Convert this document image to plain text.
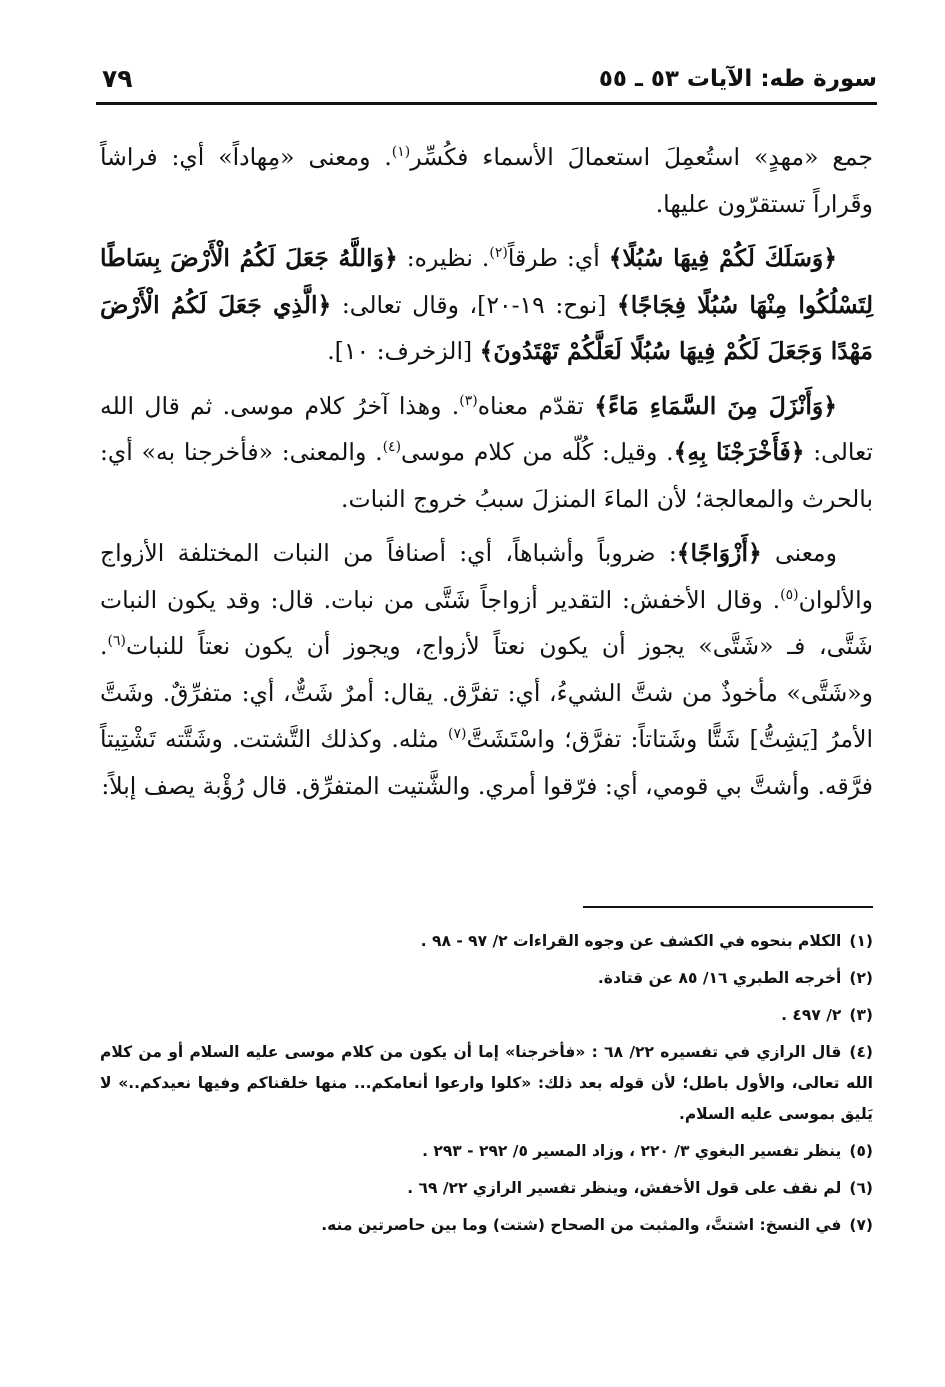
سورة طه: الآيات ٥٣ ـ ٥٥
٧٩

جمع «مهدٍ» استُعمِلَ استعمالَ الأسماء فكُسِّر$^{(١)}$. ومعنى «مِهاداً» أي: فراشاً وقَراراً تستقرّون عليها.

﴿وَسَلَكَ لَكُمْ فِيهَا سُبُلًا﴾ أي: طرقاً$^{(٢)}$. نظيره: ﴿وَاللَّهُ جَعَلَ لَكُمُ الْأَرْضَ بِسَاطًا لِتَسْلُكُوا مِنْهَا سُبُلًا فِجَاجًا﴾ [نوح: ١٩-٢٠]، وقال تعالى: ﴿الَّذِي جَعَلَ لَكُمُ الْأَرْضَ مَهْدًا وَجَعَلَ لَكُمْ فِيهَا سُبُلًا لَعَلَّكُمْ تَهْتَدُونَ﴾ [الزخرف: ١٠].

﴿وَأَنْزَلَ مِنَ السَّمَاءِ مَاءً﴾ تقدّم معناه$^{(٣)}$. وهذا آخرُ كلام موسى. ثم قال الله تعالى: ﴿فَأَخْرَجْنَا بِهِ﴾. وقيل: كُلّه من كلام موسى$^{(٤)}$. والمعنى: «فأخرجنا به» أي: بالحرث والمعالجة؛ لأن الماءَ المنزلَ سببُ خروج النبات.

ومعنى ﴿أَزْوَاجًا﴾: ضروباً وأشباهاً، أي: أصنافاً من النبات المختلفة الأزواج والألوان$^{(٥)}$. وقال الأخفش: التقدير أزواجاً شَتَّى من نبات. قال: وقد يكون النبات شَتَّى، فـ «شَتَّى» يجوز أن يكون نعتاً لأزواج، ويجوز أن يكون نعتاً للنبات$^{(٦)}$. و«شَتَّى» مأخوذٌ من شتَّ الشيءُ، أي: تفرَّق. يقال: أمرٌ شَتٌّ، أي: متفرِّقٌ. وشَتَّ الأمرُ [يَشِتُّ] شَتًّا وشَتاتاً: تفرَّق؛ واسْتَشَتَّ$^{(٧)}$ مثله. وكذلك التَّشتت. وشَتَّته تَشْتِيتاً فرَّقه. وأشتَّ بي قومي، أي: فرّقوا أمري. والشَّتيت المتفرِّق. قال رُؤْبة يصف إبلاً:

(١)الكلام بنحوه في الكشف عن وجوه القراءات ٢/ ٩٧ - ٩٨ .

(٢)أخرجه الطبري ١٦/ ٨٥ عن قتادة.

(٣)٢/ ٤٩٧ .

(٤)قال الرازي في تفسيره ٢٢/ ٦٨ : «فأخرجنا» إما أن يكون من كلام موسى عليه السلام أو من كلام الله تعالى، والأول باطل؛ لأن قوله بعد ذلك: «كلوا وارعوا أنعامكم... منها خلقناكم وفيها نعيدكم..» لا يَليق بموسى عليه السلام.

(٥)ينظر تفسير البغوي ٣/ ٢٢٠ ، وزاد المسير ٥/ ٢٩٢ - ٢٩٣ .

(٦)لم نقف على قول الأخفش، وينظر تفسير الرازي ٢٢/ ٦٩ .

(٧)في النسخ: اشتتَّ، والمثبت من الصحاح (شتت) وما بين حاصرتين منه.
